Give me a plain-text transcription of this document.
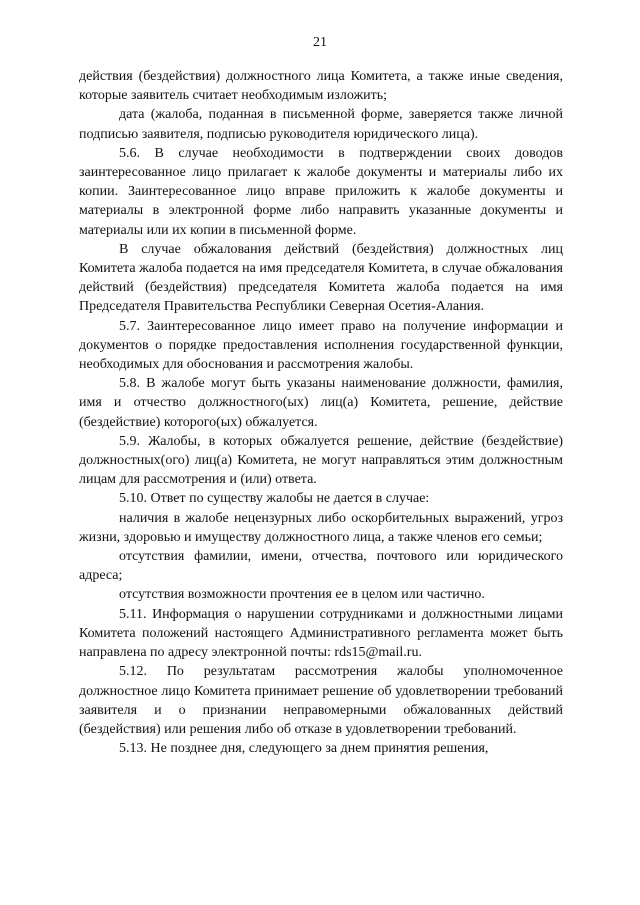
21

действия (бездействия) должностного лица Комитета, а также иные сведения, которые заявитель считает необходимым изложить;

дата (жалоба, поданная в письменной форме, заверяется также личной подписью заявителя, подписью руководителя юридического лица).

5.6. В случае необходимости в подтверждении своих доводов заинтересованное лицо прилагает к жалобе документы и материалы либо их копии. Заинтересованное лицо вправе приложить к жалобе документы и материалы в электронной форме либо направить указанные документы и материалы или их копии в письменной форме.

В случае обжалования действий (бездействия) должностных лиц Комитета жалоба подается на имя председателя Комитета, в случае обжалования действий (бездействия) председателя Комитета жалоба подается на имя Председателя Правительства Республики Северная Осетия-Алания.

5.7. Заинтересованное лицо имеет право на получение информации и документов о порядке предоставления исполнения государственной функции, необходимых для обоснования и рассмотрения жалобы.

5.8. В жалобе могут быть указаны наименование должности, фамилия, имя и отчество должностного(ых) лиц(а) Комитета, решение, действие (бездействие) которого(ых) обжалуется.

5.9. Жалобы, в которых обжалуется решение, действие (бездействие) должностных(ого) лиц(а) Комитета, не могут направляться этим должностным лицам для рассмотрения и (или) ответа.

5.10. Ответ по существу жалобы не дается в случае:

наличия в жалобе нецензурных либо оскорбительных выражений, угроз жизни, здоровью и имуществу должностного лица, а также членов его семьи;

отсутствия фамилии, имени, отчества, почтового или юридического адреса;

отсутствия возможности прочтения ее в целом или частично.

5.11. Информация о нарушении сотрудниками и должностными лицами Комитета положений настоящего Административного регламента может быть направлена по адресу электронной почты: rds15@mail.ru.

5.12. По результатам рассмотрения жалобы уполномоченное должностное лицо Комитета принимает решение об удовлетворении требований заявителя и о признании неправомерными обжалованных действий (бездействия) или решения либо об отказе в удовлетворении требований.

5.13. Не позднее дня, следующего за днем принятия решения,
